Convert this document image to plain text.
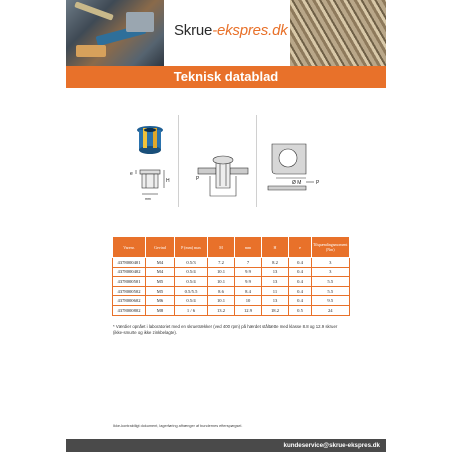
Skrue-ekspres.dk
Teknisk datablad
e
H
mm
P
Ø M	P
Varenr.	Gevind	P (mm) max	M	mm	H	e	Tilspændingsmoment (Nm)
4378000401	M4	0.5/3	7.2	7	8.2	0.4	3
4378000402	M4	0.5/4	10.1	9.9	13	0.4	3
4378000501	M5	0.5/4	10.1	9.9	13	0.4	5.5
4378000502	M5	0.5/5.5	8.6	8.4	11	0.4	5.5
4378000602	M6	0.5/4	10.1	10	13	0.4	9.5
4378000802	M8	1 / 6	13.2	12.9	18.2	0.5	24
* Værdier opnået i laboratoriet med en skruetrækker (ved 400 rpm) på hærdet ståltætte med klasse 8.8 og 12.9 skruer (ikke-smurte og ikke zinkbelagte).
Ikke-kontraktligt dokument, lagerføring afhænger af bundernes efterspørgsel.
kundeservice@skrue-ekspres.dk
